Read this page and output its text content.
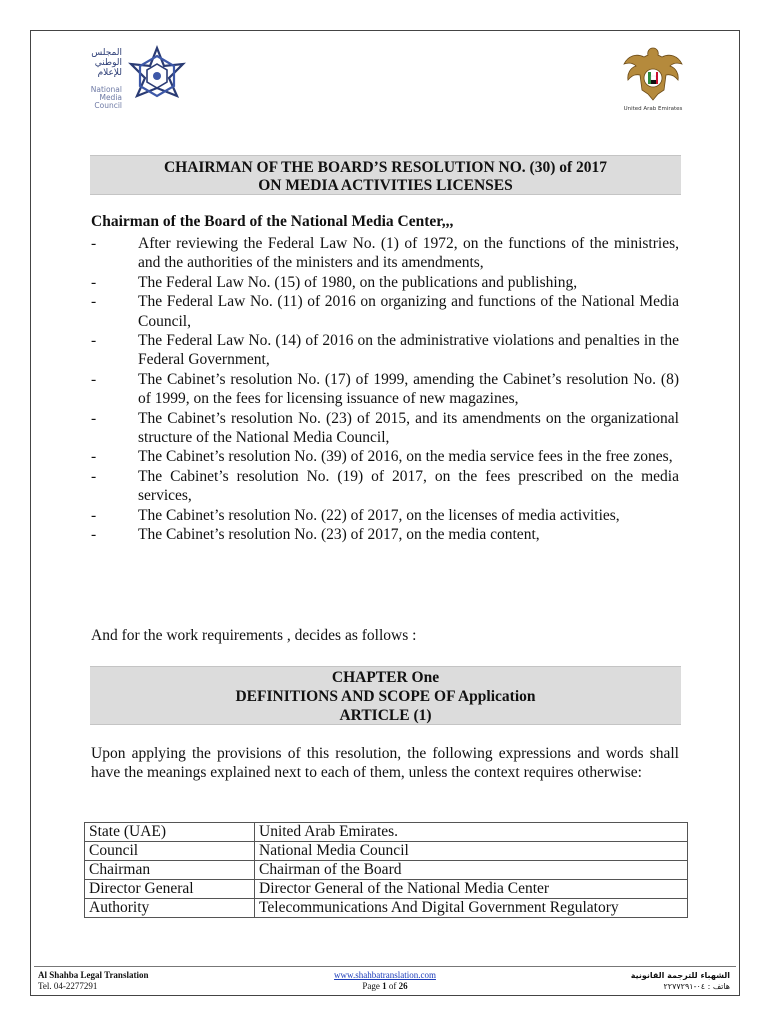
المجلس
الوطني
للإعلام
National
Media
Council	United Arab Emirates
CHAIRMAN OF THE BOARD’S RESOLUTION NO. (30) of 2017
ON MEDIA ACTIVITIES LICENSES
Chairman of the Board of the National Media Center,,,
-	After reviewing the Federal Law No. (1) of 1972, on the functions of the ministries, and the authorities of the ministers and its amendments,
-	The Federal Law No. (15) of 1980, on the publications and publishing,
-	The Federal Law No. (11) of 2016 on organizing and functions of the National Media Council,
-	The Federal Law No. (14) of 2016 on the administrative violations and penalties in the Federal Government,
-	The Cabinet’s resolution No. (17) of 1999, amending the Cabinet’s resolution No. (8) of 1999, on the fees for licensing issuance of new magazines,
-	The Cabinet’s resolution No. (23) of 2015, and its amendments on the organizational structure of the National Media Council,
-	The Cabinet’s resolution No. (39) of 2016, on the media service fees in the free zones,
-	The Cabinet’s resolution No. (19) of 2017, on the fees prescribed on the media services,
-	The Cabinet’s resolution No. (22) of 2017, on the licenses of media activities,
-	The Cabinet’s resolution No. (23) of 2017, on the media content,
And for the work requirements , decides as follows :
CHAPTER One
DEFINITIONS AND SCOPE OF Application
ARTICLE (1)
Upon applying the provisions of this resolution, the following expressions and words shall have the meanings explained next to each of them, unless the context requires otherwise:
State (UAE)	United Arab Emirates.
Council	National Media Council
Chairman	Chairman of the Board
Director General	Director General of the National Media Center
Authority	Telecommunications And Digital Government Regulatory
Al Shahba Legal Translation
Tel. 04-2277291
www.shahbatranslation.com
Page 1 of 26
الشهباء للترجمة القانونية
هاتف : ٠٤-٢٢٧٧٢٩١
